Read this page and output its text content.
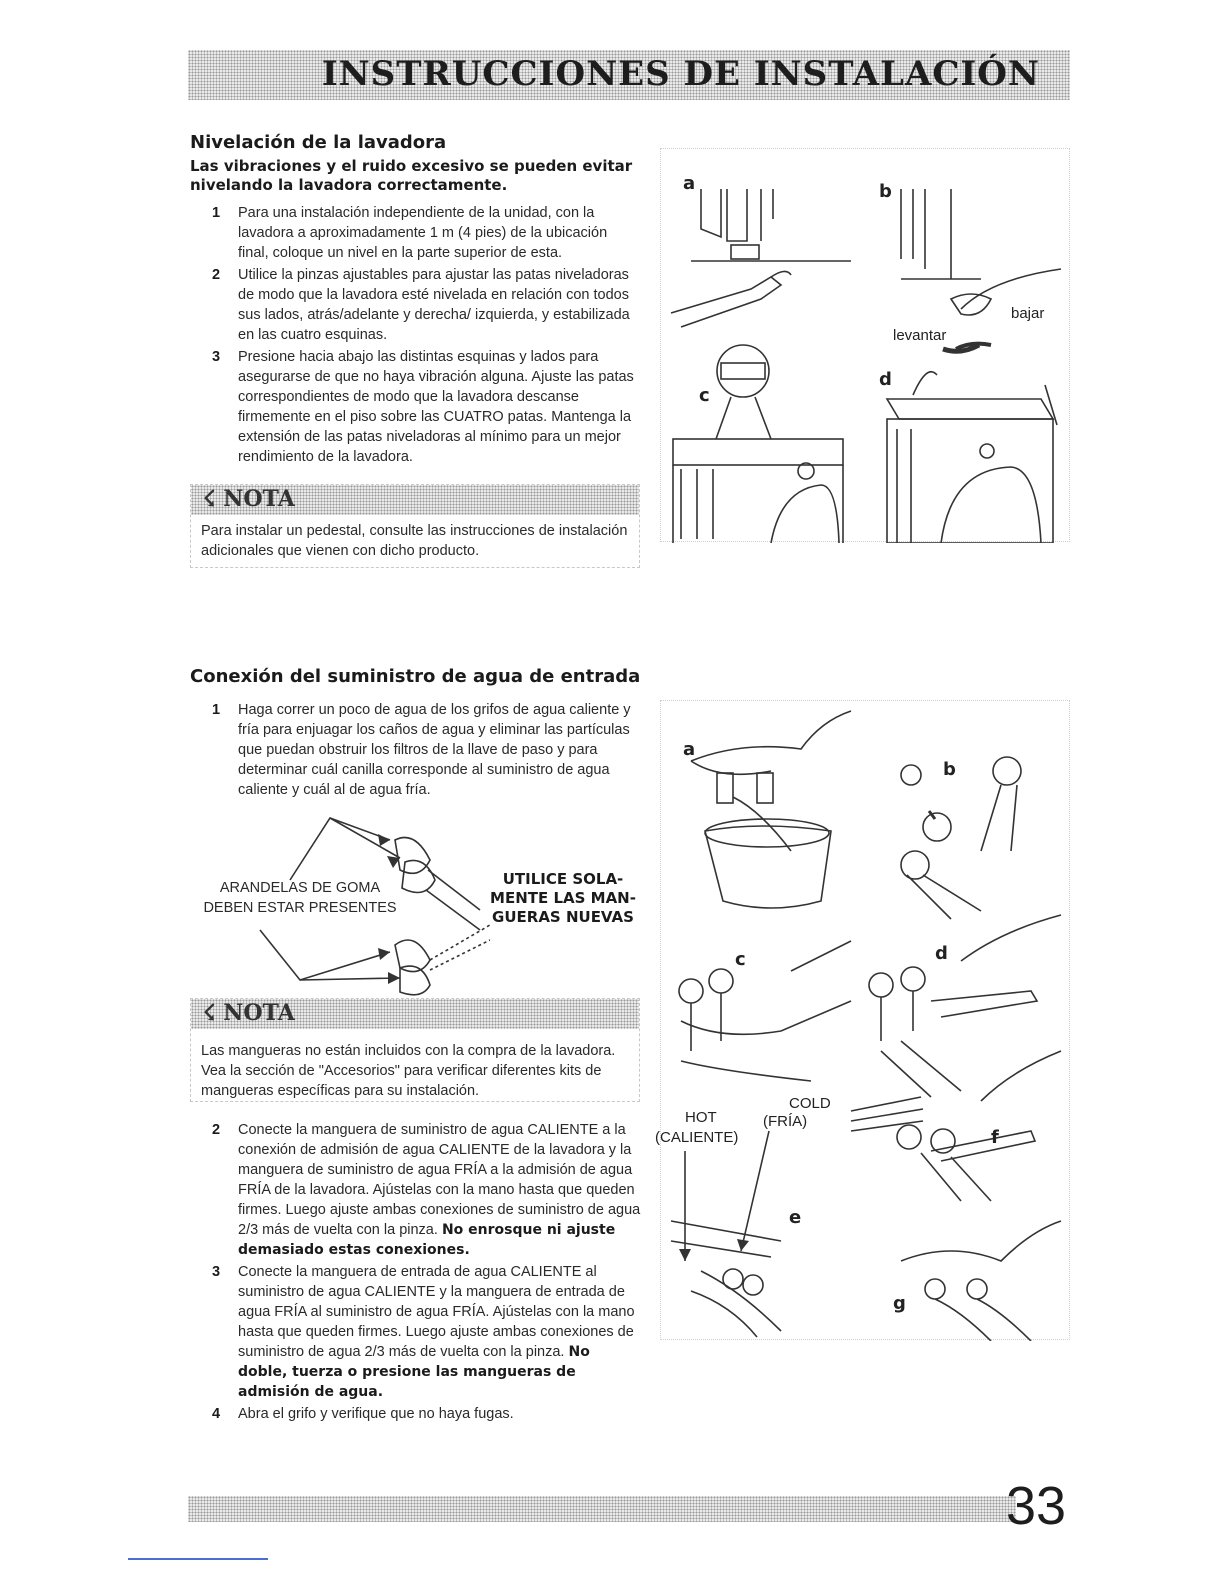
INSTRUCCIONES DE INSTALACIÓN
Nivelación de la lavadora
Las vibraciones y el ruido excesivo se pueden evitar nivelando la lavadora correctamente.
1 Para una instalación independiente de la unidad, con la lavadora a aproximadamente 1 m (4 pies) de la ubicación final, coloque un nivel en la parte superior de esta.
2 Utilice la pinzas ajustables para ajustar las patas niveladoras de modo que la lavadora esté nivelada en relación con todos sus lados, atrás/adelante y derecha/ izquierda, y estabilizada en las cuatro esquinas.
3 Presione hacia abajo las distintas esquinas y lados para asegurarse de que no haya vibración alguna. Ajuste las patas correspondientes de modo que la lavadora descanse firmemente en el piso sobre las CUATRO patas. Mantenga la extensión de las patas niveladoras al mínimo para un mejor rendimiento de la lavadora.
☇ NOTA
Para instalar un pedestal, consulte las instrucciones de instalación adicionales que vienen con dicho producto.
a	b
c
d
levantar
bajar
Conexión del suministro de agua de entrada
1 Haga correr un poco de agua de los grifos de agua caliente y fría para enjuagar los caños de agua y eliminar las partículas que puedan obstruir los filtros de la llave de paso y para determinar cuál canilla corresponde al suministro de agua caliente y cuál al de agua fría.
ARANDELAS DE GOMA
DEBEN ESTAR PRESENTES
UTILICE SOLA- MENTE LAS MAN- GUERAS NUEVAS
☇ NOTA
Las mangueras no están incluidos con la compra de la lavadora. Vea la sección de "Accesorios" para verificar diferentes kits de mangueras específicas para su instalación.
2 Conecte la manguera de suministro de agua CALIENTE a la conexión de admisión de agua CALIENTE de la lavadora y la manguera de suministro de agua FRÍA a la admisión de agua FRÍA de la lavadora. Ajústelas con la mano hasta que queden firmes. Luego ajuste ambas conexiones de suministro de agua 2/3 más de vuelta con la pinza. No enrosque ni ajuste demasiado estas conexiones.
3 Conecte la manguera de entrada de agua CALIENTE al suministro de agua CALIENTE y la manguera de entrada de agua FRÍA al suministro de agua FRÍA. Ajústelas con la mano hasta que queden firmes. Luego ajuste ambas conexiones de suministro de agua 2/3 más de vuelta con la pinza. No doble, tuerza o presione las mangueras de admisión de agua.
4 Abra el grifo y verifique que no haya fugas.
a
b
c	d
e
f
g
HOT
(CALIENTE)
COLD
(FRÍA)
33
